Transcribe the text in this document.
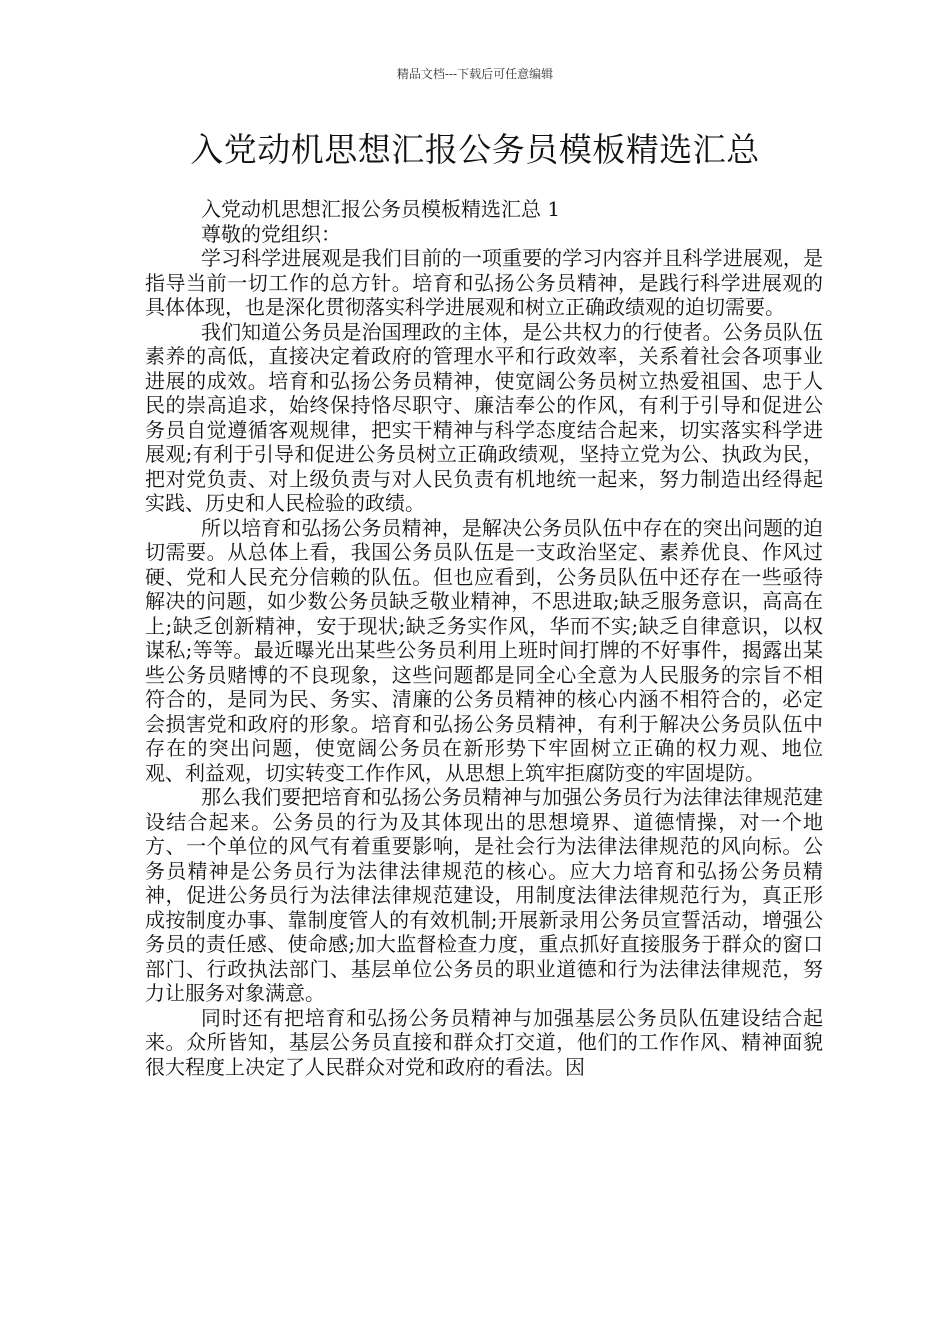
精品文档---下载后可任意编辑
入党动机思想汇报公务员模板精选汇总

入党动机思想汇报公务员模板精选汇总 1

尊敬的党组织：

学习科学进展观是我们目前的一项重要的学习内容并且科学进展观，是指导当前一切工作的总方针。培育和弘扬公务员精神，是践行科学进展观的具体体现，也是深化贯彻落实科学进展观和树立正确政绩观的迫切需要。

我们知道公务员是治国理政的主体，是公共权力的行使者。公务员队伍素养的高低，直接决定着政府的管理水平和行政效率，关系着社会各项事业进展的成效。培育和弘扬公务员精神，使宽阔公务员树立热爱祖国、忠于人民的崇高追求，始终保持恪尽职守、廉洁奉公的作风，有利于引导和促进公务员自觉遵循客观规律，把实干精神与科学态度结合起来，切实落实科学进展观;有利于引导和促进公务员树立正确政绩观，坚持立党为公、执政为民，把对党负责、对上级负责与对人民负责有机地统一起来，努力制造出经得起实践、历史和人民检验的政绩。

所以培育和弘扬公务员精神，是解决公务员队伍中存在的突出问题的迫切需要。从总体上看，我国公务员队伍是一支政治坚定、素养优良、作风过硬、党和人民充分信赖的队伍。但也应看到，公务员队伍中还存在一些亟待解决的问题，如少数公务员缺乏敬业精神，不思进取;缺乏服务意识，高高在上;缺乏创新精神，安于现状;缺乏务实作风，华而不实;缺乏自律意识，以权谋私;等等。最近曝光出某些公务员利用上班时间打牌的不好事件，揭露出某些公务员赌博的不良现象，这些问题都是同全心全意为人民服务的宗旨不相符合的，是同为民、务实、清廉的公务员精神的核心内涵不相符合的，必定会损害党和政府的形象。培育和弘扬公务员精神，有利于解决公务员队伍中存在的突出问题，使宽阔公务员在新形势下牢固树立正确的权力观、地位观、利益观，切实转变工作作风，从思想上筑牢拒腐防变的牢固堤防。

那么我们要把培育和弘扬公务员精神与加强公务员行为法律法律规范建设结合起来。公务员的行为及其体现出的思想境界、道德情操，对一个地方、一个单位的风气有着重要影响，是社会行为法律法律规范的风向标。公务员精神是公务员行为法律法律规范的核心。应大力培育和弘扬公务员精神，促进公务员行为法律法律规范建设，用制度法律法律规范行为，真正形成按制度办事、靠制度管人的有效机制;开展新录用公务员宣誓活动，增强公务员的责任感、使命感;加大监督检查力度，重点抓好直接服务于群众的窗口部门、行政执法部门、基层单位公务员的职业道德和行为法律法律规范，努力让服务对象满意。

同时还有把培育和弘扬公务员精神与加强基层公务员队伍建设结合起来。众所皆知，基层公务员直接和群众打交道，他们的工作作风、精神面貌很大程度上决定了人民群众对党和政府的看法。因
